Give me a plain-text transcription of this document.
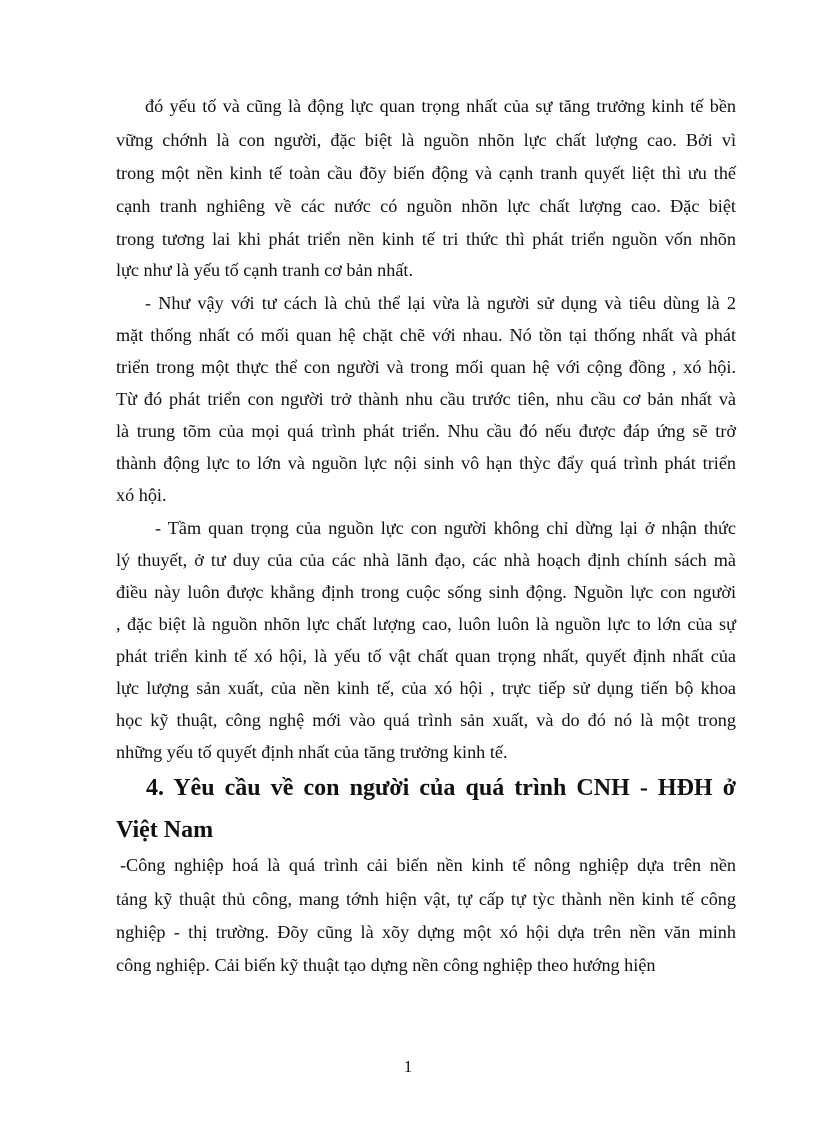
đó yếu tố và cũng là động lực quan trọng nhất của sự tăng trưởng kinh tế bền
vững chớnh là con người, đặc biệt là nguồn nhõn lực chất lượng cao. Bởi vì
trong một nền kinh tế toàn cầu đõy biến động và cạnh tranh quyết liệt thì ưu thế
cạnh tranh nghiêng về các nước có nguồn nhõn lực chất lượng cao. Đặc biệt
trong tương lai khi phát triển nền kinh tế tri thức thì phát triển nguồn vốn nhõn
lực như là yếu tố cạnh tranh cơ bản nhất.
- Như vậy với tư cách là chủ thể lại vừa là người sử dụng và tiêu dùng là 2
mặt thống nhất có mối quan hệ chặt chẽ với nhau. Nó tồn tại thống nhất và phát
triển trong một thực thể con người và trong mối quan hệ với cộng đồng , xó hội.
Từ đó phát triển con người trở thành nhu cầu trước tiên, nhu cầu cơ bản nhất và
là trung tõm của mọi quá trình phát triển. Nhu cầu đó nếu được đáp ứng sẽ trở
thành động lực to lớn và nguồn lực nội sinh vô hạn thỳc đẩy quá trình phát triển
xó hội.
- Tầm quan trọng của nguồn lực con người không chỉ dừng lại ở nhận thức
lý thuyết, ở tư duy của của các nhà lãnh đạo, các nhà hoạch định chính sách mà
điều này luôn được khẳng định trong cuộc sống sinh động. Nguồn lực con người
, đặc biệt là nguồn nhõn lực chất lượng cao, luôn luôn là nguồn lực to lớn của sự
phát triển kinh tế xó hội, là yếu tố vật chất quan trọng nhất, quyết định nhất của
lực lượng sản xuất, của nền kinh tế, của xó hội , trực tiếp sử dụng tiến bộ khoa
học kỹ thuật, công nghệ mới vào quá trình sản xuất, và do đó nó là một trong
những yếu tố quyết định nhất của tăng trưởng kinh tế.
4. Yêu cầu về con người của quá trình CNH - HĐH ở
Việt Nam
-Công nghiệp hoá là quá trình cải biến nền kinh tế nông nghiệp dựa trên nền
tảng kỹ thuật thủ công, mang tớnh hiện vật, tự cấp tự tỳc thành nền kinh tế công
nghiệp - thị trường. Đõy cũng là xõy dựng một xó hội dựa trên nền văn minh
công nghiệp. Cải biến kỹ thuật tạo dựng nền công nghiệp theo hướng hiện
1
